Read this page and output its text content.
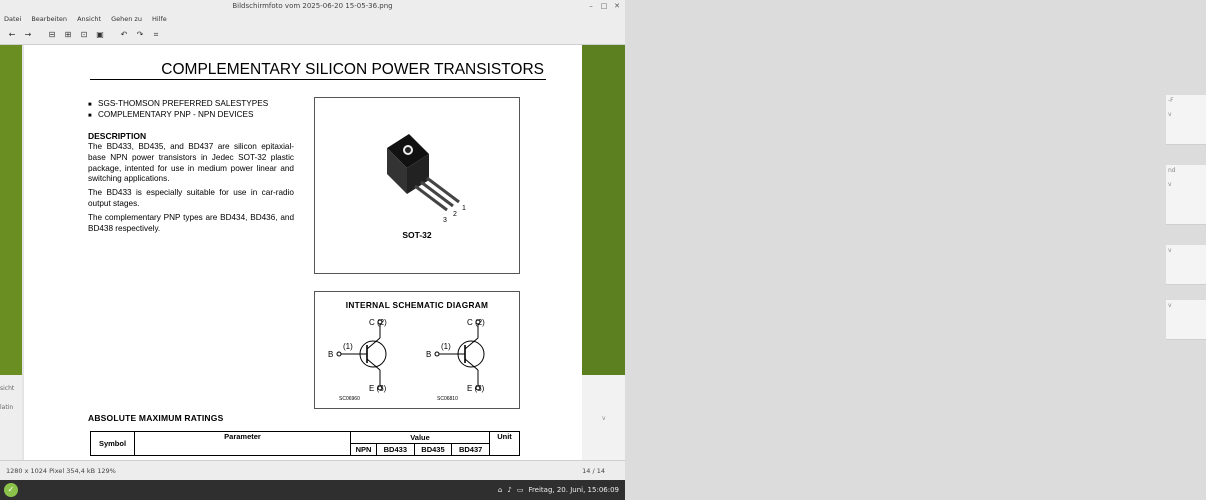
Bildschirmfoto vom 2025-06-20 15-05-36.png	–	□ ✕
Datei Bearbeiten Ansicht Gehen zu Hilfe
←	→	⊟	⊞	⊡	▣	↶	↷	⌗
-F

v
nd

v
v
v
sicht
latin
v
COMPLEMENTARY SILICON POWER TRANSISTORS
■ SGS-THOMSON PREFERRED SALESTYPES
■ COMPLEMENTARY PNP - NPN DEVICES
DESCRIPTION

The BD433, BD435, and BD437 are silicon epitaxial-base NPN power transistors in Jedec SOT-32 plastic package, intented for use in medium power linear and switching applications.

The BD433 is especially suitable for use in car-radio output stages.

The complementary PNP types are BD434, BD436, and BD438 respectively.

3
2
1
SOT-32
INTERNAL SCHEMATIC DIAGRAM
C (2)
B
(1)
E (3)
SC06960
C (2)
B
(1)
E (3)
SC06810
ABSOLUTE MAXIMUM RATINGS
Symbol	Parameter	Value				Unit
		NPN	BD433	BD435	BD437	
1280 x 1024 Pixel 354,4 kB 129%	14 / 14
✓	⌂ ♪ ▭ Freitag, 20. Juni, 15:06:09
